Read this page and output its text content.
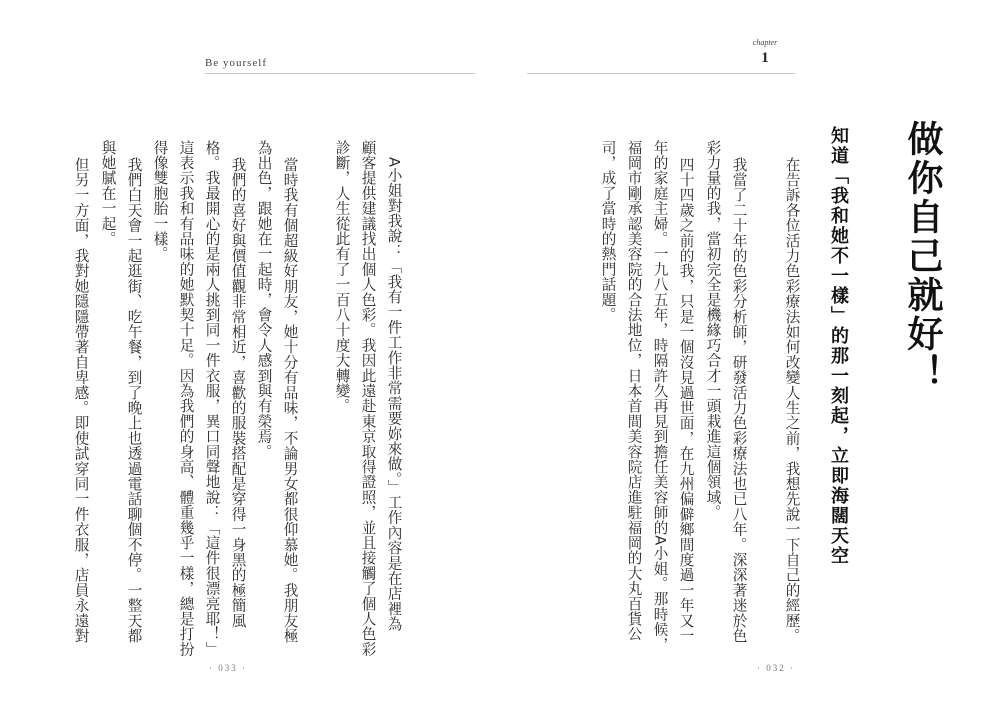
Be yourself
chapter
1
做你自己就好！
知道「我和她不一樣」的那一刻起，立即海闊天空
在告訴各位活力色彩療法如何改變人生之前，我想先說一下自己的經歷。
我當了二十年的色彩分析師，研發活力色彩療法也已八年。深深著迷於色
彩力量的我，當初完全是機緣巧合才一頭栽進這個領域。
四十四歲之前的我，只是一個沒見過世面，在九州偏僻鄉間度過一年又一
年的家庭主婦。一九八五年，時隔許久再見到擔任美容師的A小姐。那時候，
福岡市剛承認美容院的合法地位，日本首間美容院店進駐福岡的大丸百貨公
司，成了當時的熱門話題。
· 032 ·
A小姐對我說：「我有一件工作非常需要妳來做。」工作內容是在店裡為
顧客提供建議找出個人色彩。我因此遠赴東京取得證照，並且接觸了個人色彩
診斷，人生從此有了一百八十度大轉變。
當時我有個超級好朋友，她十分有品味，不論男女都很仰慕她。我朋友極
為出色，跟她在一起時，會令人感到與有榮焉。
我們的喜好與價值觀非常相近，喜歡的服裝搭配是穿得一身黑的極簡風
格。我最開心的是兩人挑到同一件衣服，異口同聲地說：「這件很漂亮耶！」
這表示我和有品味的她默契十足。因為我們的身高、體重幾乎一樣，總是打扮
得像雙胞胎一樣。
我們白天會一起逛街、吃午餐，到了晚上也透過電話聊個不停。一整天都
與她膩在一起。
但另一方面，我對她隱隱帶著自卑感。即使試穿同一件衣服，店員永遠對
· 033 ·
